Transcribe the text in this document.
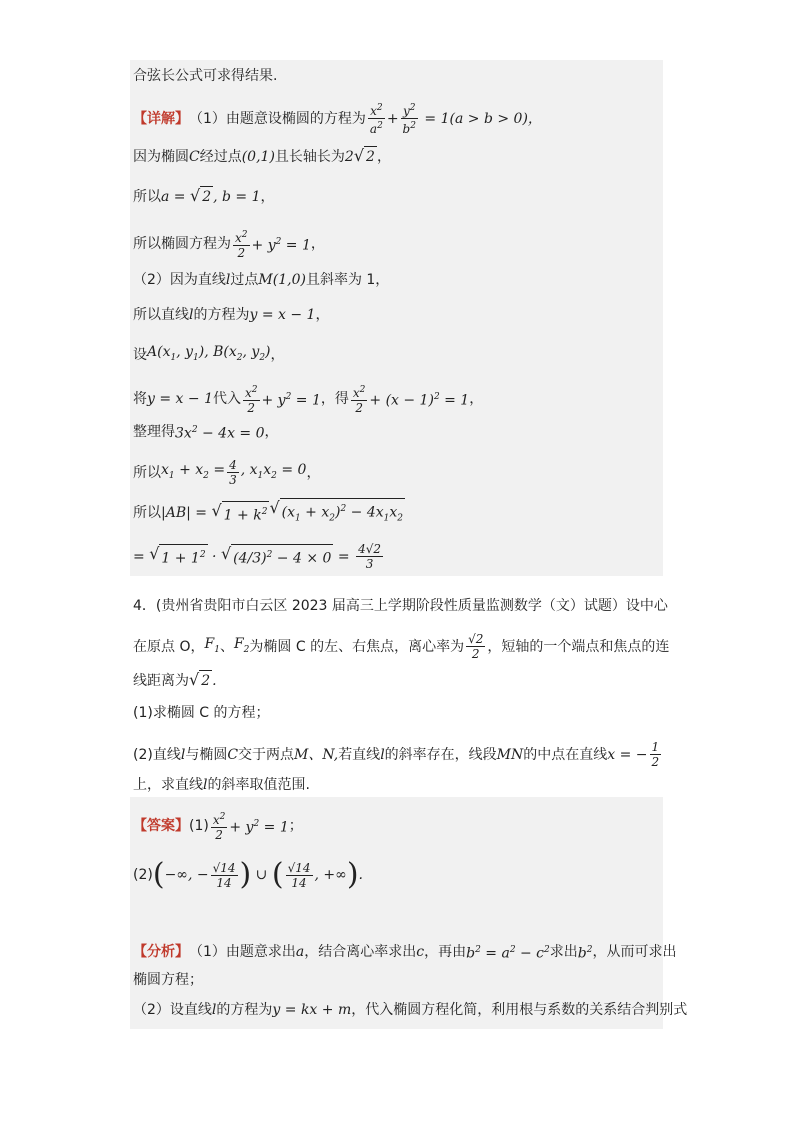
合弦长公式可求得结果.
【详解】 （1）由题意设椭圆的方程为 $\frac{x^2}{a^2} + \frac{y^2}{b^2} = 1(a > b > 0)$，
因为椭圆 C 经过点 (0,1) 且长轴长为 2 √ 2 ，
所以 a = √ 2 , b = 1 ，
所以椭圆方程为 $\frac{x^2}{2} + y^2 = 1$ ，
（2）因为直线 l 过点 M (1,0) 且斜率为 1，
所以直线 l 的方程为 y = x − 1 ，
设 $A(x_1$, $y_1$), $B(x_2$, $y_2$) ，
将 y = x − 1 代入 $\frac{x^2}{2} + y^2 = 1$ ，得 $\frac{x^2}{2} + (x - 1)^2 = 1$ ，
整理得 $3x^2 - 4x = 0$ ，
所以 $x_1 + x_2 = \frac{4}{3}$ , $x_1x_2 = 0$ ，
所以 |AB| = √ $1 + k^2$ √ $(x_1 + x_2)^2 - 4x_1x_2$
= √ $1 + 1^2$ · √ $(4/3)^2 - 4 \times 0 = \frac{4√2}{3}$
4．(贵州省贵阳市白云区 2023 届高三上学期阶段性质量监测数学（文）试题）设中心
在原点 O， $F_1$ 、 $F_2$ 为椭圆 C 的左、右焦点，离心率为 $\frac{√2}{2}$ ，短轴的一个端点和焦点的连
线距离为 √ 2 .
(1)求椭圆 C 的方程；
(2)直线 l 与椭圆 C 交于两点 M、N, 若直线 l 的斜率存在，线段 MN 的中点在直线 x = − $\frac{1}{2}$
上，求直线 l 的斜率取值范围.
【答案】 $(1) \frac{x^2}{2} + y^2 = 1$ ；
(2) ( −∞, − $\frac{√14}{14}$ ) ∪ ( $\frac{√14}{14}$ , +∞ ) .
【分析】 （1）由题意求出 a ，结合离心率求出 c ，再由 $b^2 = a^2 - c^2$ 求出 $b^2$ ，从而可求出
椭圆方程；
（2）设直线 l 的方程为 y = kx + m ，代入椭圆方程化简，利用根与系数的关系结合判别式
